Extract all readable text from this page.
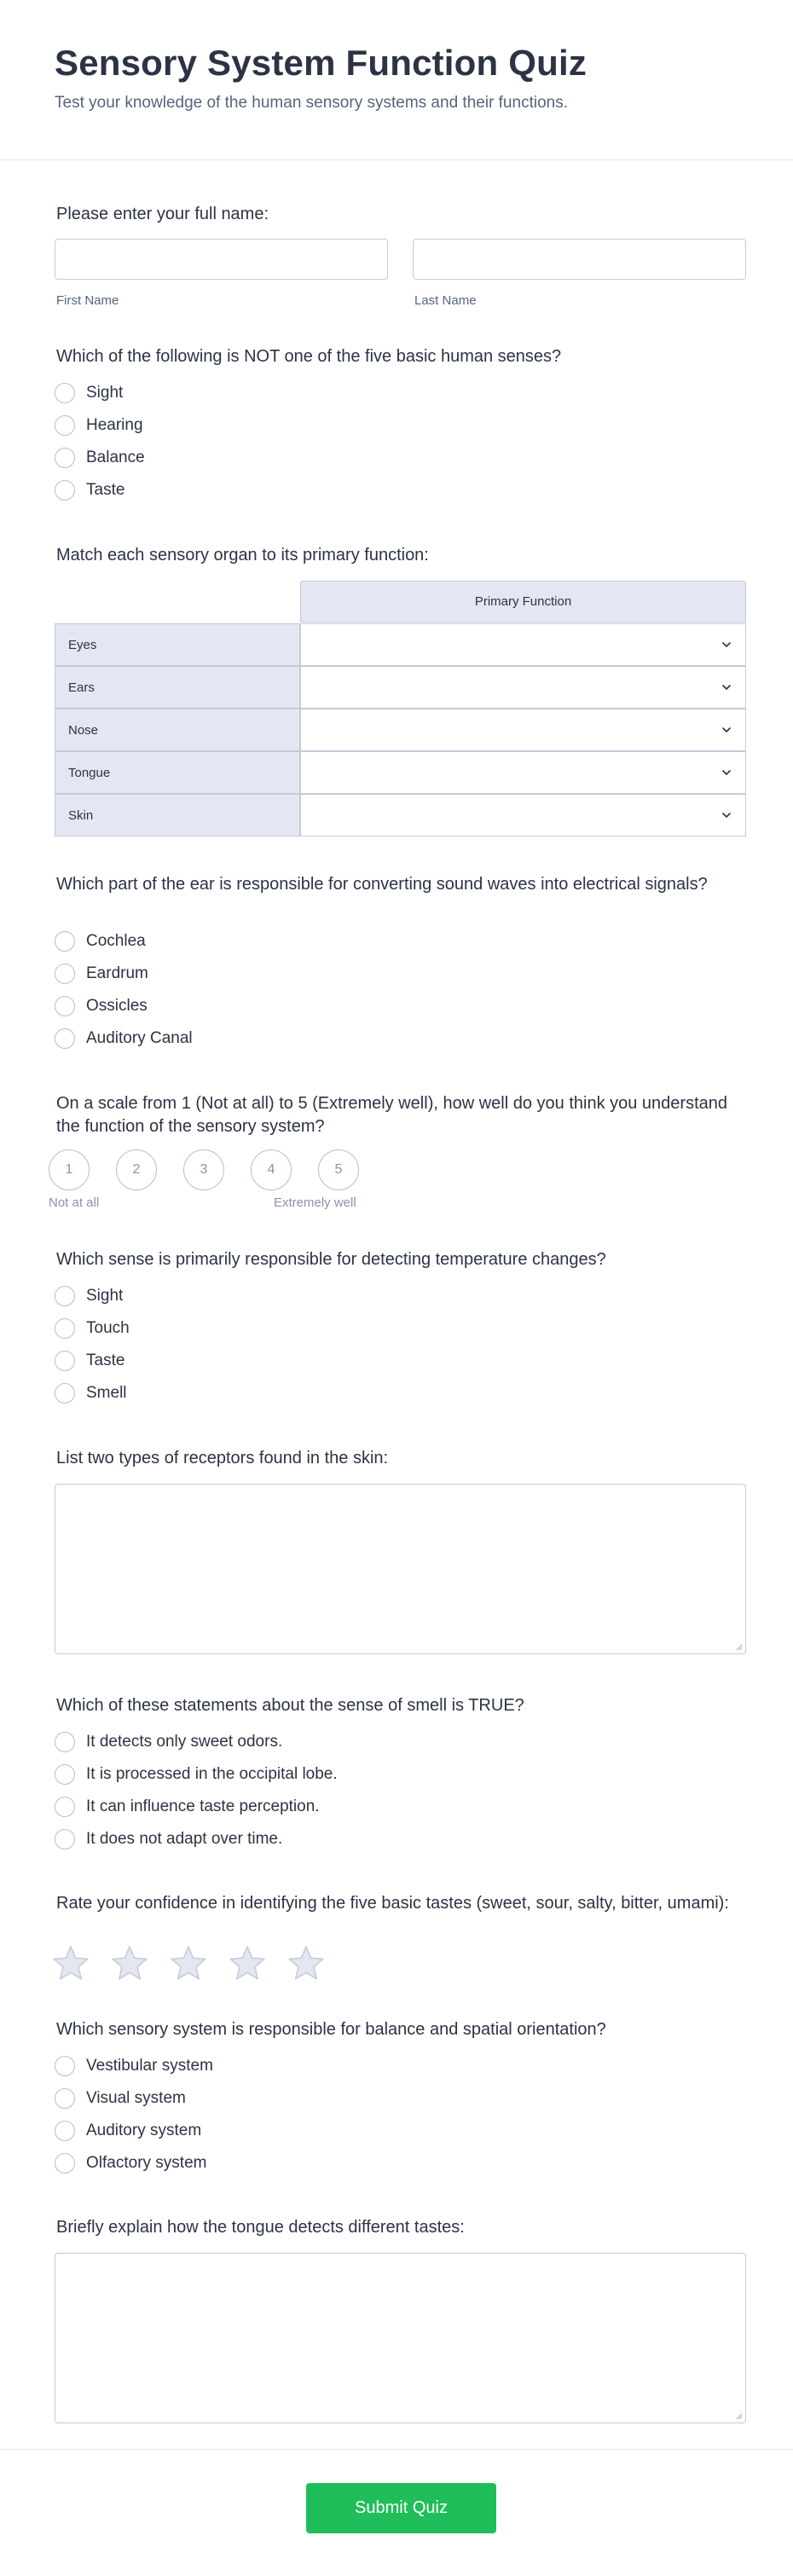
Sensory System Function Quiz
Test your knowledge of the human sensory systems and their functions.
Please enter your full name:
First Name	Last Name
Which of the following is NOT one of the five basic human senses?
Sight
Hearing
Balance
Taste
Match each sensory organ to its primary function:
Primary Function
Eyes
Ears
Nose
Tongue
Skin
Which part of the ear is responsible for converting sound waves into electrical signals?
Cochlea
Eardrum
Ossicles
Auditory Canal
On a scale from 1 (Not at all) to 5 (Extremely well), how well do you think you understand the function of the sensory system?
1	2	3	4	5
Not at all	Extremely well
Which sense is primarily responsible for detecting temperature changes?
Sight
Touch
Taste
Smell
List two types of receptors found in the skin:
Which of these statements about the sense of smell is TRUE?
It detects only sweet odors.
It is processed in the occipital lobe.
It can influence taste perception.
It does not adapt over time.
Rate your confidence in identifying the five basic tastes (sweet, sour, salty, bitter, umami):
Which sensory system is responsible for balance and spatial orientation?
Vestibular system
Visual system
Auditory system
Olfactory system
Briefly explain how the tongue detects different tastes:
Submit Quiz
